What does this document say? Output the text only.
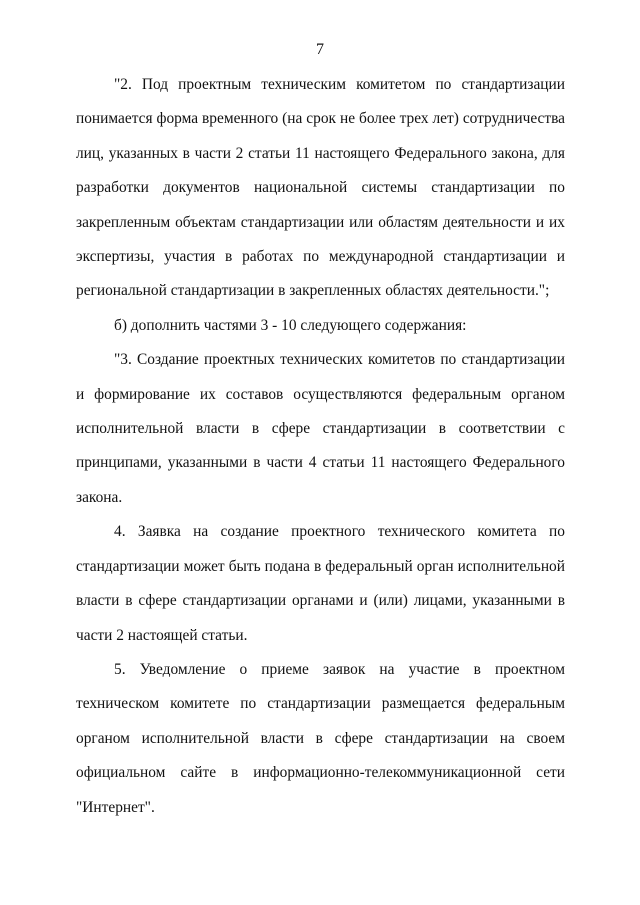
7

"2. Под проектным техническим комитетом по стандартизации понимается форма временного (на срок не более трех лет) сотрудничества лиц, указанных в части 2 статьи 11 настоящего Федерального закона, для разработки документов национальной системы стандартизации по закрепленным объектам стандартизации или областям деятельности и их экспертизы, участия в работах по международной стандартизации и региональной стандартизации в закрепленных областях деятельности.";

б) дополнить частями 3 - 10 следующего содержания:

"3. Создание проектных технических комитетов по стандартизации и формирование их составов осуществляются федеральным органом исполнительной власти в сфере стандартизации в соответствии с принципами, указанными в части 4 статьи 11 настоящего Федерального закона.

4. Заявка на создание проектного технического комитета по стандартизации может быть подана в федеральный орган исполнительной власти в сфере стандартизации органами и (или) лицами, указанными в части 2 настоящей статьи.

5. Уведомление о приеме заявок на участие в проектном техническом комитете по стандартизации размещается федеральным органом исполнительной власти в сфере стандартизации на своем официальном сайте в информационно-телекоммуникационной сети "Интернет".
